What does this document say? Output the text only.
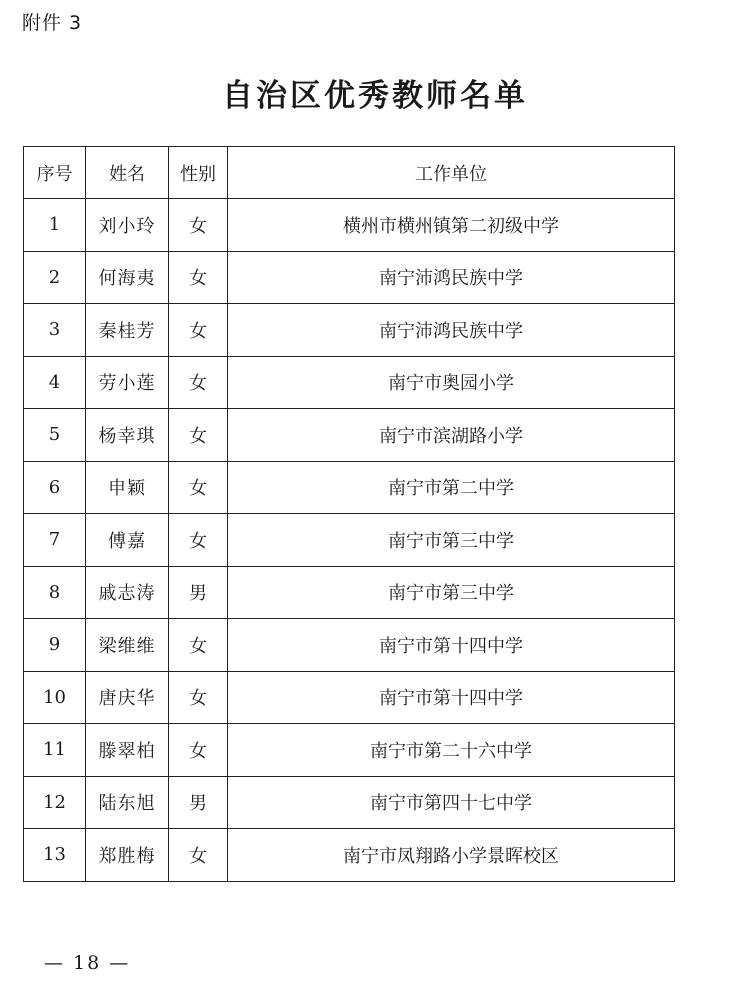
附件 3
自治区优秀教师名单
序号	姓名	性别	工作单位
1	刘小玲	女	横州市横州镇第二初级中学
2	何海夷	女	南宁沛鸿民族中学
3	秦桂芳	女	南宁沛鸿民族中学
4	劳小莲	女	南宁市奥园小学
5	杨幸琪	女	南宁市滨湖路小学
6	申颖	女	南宁市第二中学
7	傅嘉	女	南宁市第三中学
8	戚志涛	男	南宁市第三中学
9	梁维维	女	南宁市第十四中学
10	唐庆华	女	南宁市第十四中学
11	滕翠柏	女	南宁市第二十六中学
12	陆东旭	男	南宁市第四十七中学
13	郑胜梅	女	南宁市凤翔路小学景晖校区
— 18 —
